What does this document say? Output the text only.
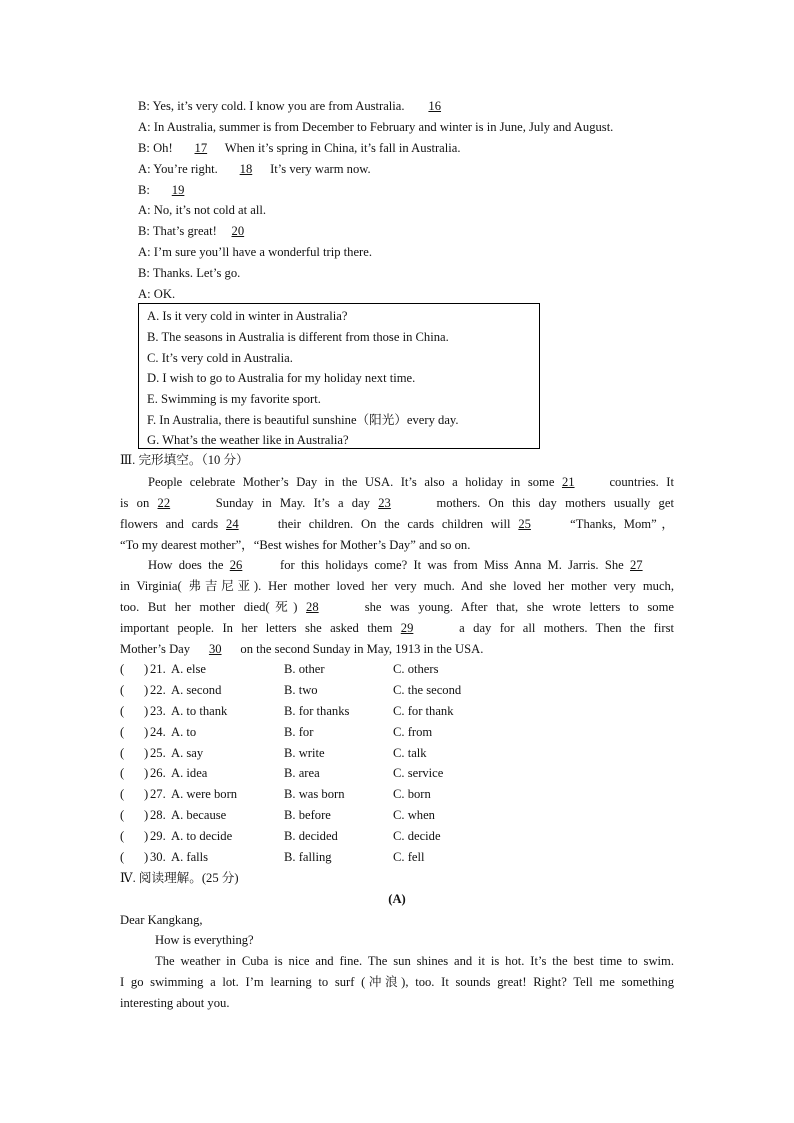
B: Yes, it’s very cold. I know you are from Australia. 16
A: In Australia, summer is from December to February and winter is in June, July and August.
B: Oh! 17 When it’s spring in China, it’s fall in Australia.
A: You’re right. 18 It’s very warm now.
B: 19
A: No, it’s not cold at all.
B: That’s great! 20
A: I’m sure you’ll have a wonderful trip there.
B: Thanks. Let’s go.
A: OK.
A. Is it very cold in winter in Australia?
B. The seasons in Australia is different from those in China.
C. It’s very cold in Australia.
D. I wish to go to Australia for my holiday next time.
E. Swimming is my favorite sport.
F. In Australia, there is beautiful sunshine（阳光）every day.
G. What’s the weather like in Australia?
Ⅲ. 完形填空。（10 分）
People celebrate Mother’s Day in the USA. It’s also a holiday in some 21	countries. It
is on 22	Sunday in May. It’s a day 23	mothers. On this day mothers usually get
flowers and cards 24	their children. On the cards children will 25	“Thanks, Mom”，
“To my dearest mother”，“Best wishes for Mother’s Day” and so on.
How does the 26	for this holidays come? It was from Miss Anna M. Jarris. She 27
in Virginia( 弗吉尼亚). Her mother loved her very much. And she loved her mother very much,
too. But her mother died(死) 28	she was young. After that, she wrote letters to some
important people. In her letters she asked them 29	a day for all mothers. Then the first
Mother’s Day 30 on the second Sunday in May, 1913 in the USA.
( ) 21. A. else	B. other	C. others
( ) 22. A. second	B. two	C. the second
( ) 23. A. to thank	B. for thanks	C. for thank
( ) 24. A. to	B. for	C. from
( ) 25. A. say	B. write	C. talk
( ) 26. A. idea	B. area	C. service
( ) 27. A. were born	B. was born	C. born
( ) 28. A. because	B. before	C. when
( ) 29. A. to decide	B. decided	C. decide
( ) 30. A. falls	B. falling	C. fell
Ⅳ. 阅读理解。(25 分)
(A)
Dear Kangkang,
How is everything?
The weather in Cuba is nice and fine. The sun shines and it is hot. It’s the best time to swim.
I go swimming a lot. I’m learning to surf (冲浪), too. It sounds great! Right? Tell me something
interesting about you.
